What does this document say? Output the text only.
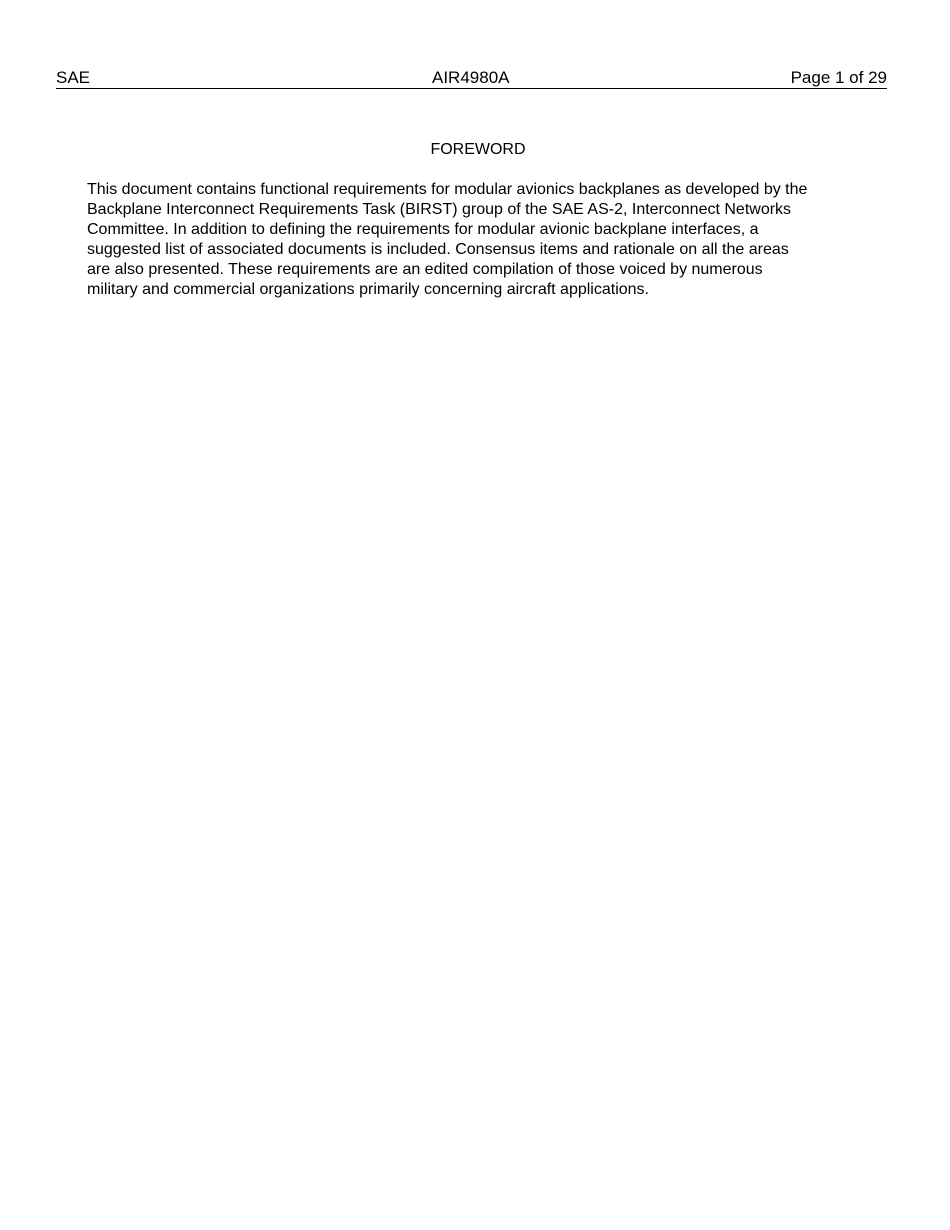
SAE	AIR4980A	Page 1 of 29
FOREWORD
This document contains functional requirements for modular avionics backplanes as developed by the
Backplane Interconnect Requirements Task (BIRST) group of the SAE AS-2, Interconnect Networks
Committee. In addition to defining the requirements for modular avionic backplane interfaces, a
suggested list of associated documents is included. Consensus items and rationale on all the areas
are also presented. These requirements are an edited compilation of those voiced by numerous
military and commercial organizations primarily concerning aircraft applications.
